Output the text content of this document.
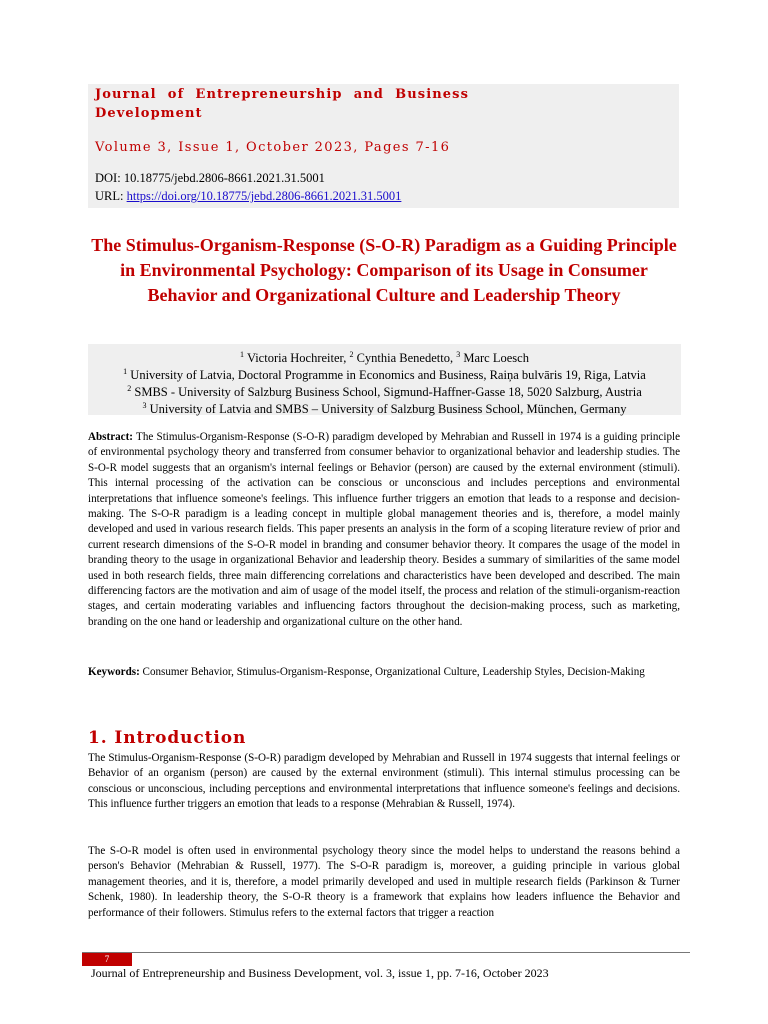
Journal of Entrepreneurship and Business Development
Volume 3, Issue 1, October 2023, Pages 7-16
DOI: 10.18775/jebd.2806-8661.2021.31.5001
URL: https://doi.org/10.18775/jebd.2806-8661.2021.31.5001
The Stimulus-Organism-Response (S-O-R) Paradigm as a Guiding Principle in Environmental Psychology: Comparison of its Usage in Consumer Behavior and Organizational Culture and Leadership Theory
$^1$ Victoria Hochreiter, $^2$ Cynthia Benedetto, $^3$ Marc Loesch
$^1$ University of Latvia, Doctoral Programme in Economics and Business, Raiņa bulvāris 19, Riga, Latvia
$^2$ SMBS - University of Salzburg Business School, Sigmund-Haffner-Gasse 18, 5020 Salzburg, Austria
$^3$ University of Latvia and SMBS – University of Salzburg Business School, München, Germany
Abstract: The Stimulus-Organism-Response (S-O-R) paradigm developed by Mehrabian and Russell in 1974 is a guiding principle of environmental psychology theory and transferred from consumer behavior to organizational behavior and leadership studies. The S-O-R model suggests that an organism's internal feelings or Behavior (person) are caused by the external environment (stimuli). This internal processing of the activation can be conscious or unconscious and includes perceptions and environmental interpretations that influence someone's feelings. This influence further triggers an emotion that leads to a response and decision-making. The S-O-R paradigm is a leading concept in multiple global management theories and is, therefore, a model mainly developed and used in various research fields. This paper presents an analysis in the form of a scoping literature review of prior and current research dimensions of the S-O-R model in branding and consumer behavior theory. It compares the usage of the model in branding theory to the usage in organizational Behavior and leadership theory. Besides a summary of similarities of the same model used in both research fields, three main differencing correlations and characteristics have been developed and described. The main differencing factors are the motivation and aim of usage of the model itself, the process and relation of the stimuli-organism-reaction stages, and certain moderating variables and influencing factors throughout the decision-making process, such as marketing, branding on the one hand or leadership and organizational culture on the other hand.
Keywords: Consumer Behavior, Stimulus-Organism-Response, Organizational Culture, Leadership Styles, Decision-Making
1. Introduction
The Stimulus-Organism-Response (S-O-R) paradigm developed by Mehrabian and Russell in 1974 suggests that internal feelings or Behavior of an organism (person) are caused by the external environment (stimuli). This internal stimulus processing can be conscious or unconscious, including perceptions and environmental interpretations that influence someone's feelings and decisions. This influence further triggers an emotion that leads to a response (Mehrabian & Russell, 1974).
The S-O-R model is often used in environmental psychology theory since the model helps to understand the reasons behind a person's Behavior (Mehrabian & Russell, 1977). The S-O-R paradigm is, moreover, a guiding principle in various global management theories, and it is, therefore, a model primarily developed and used in multiple research fields (Parkinson & Turner Schenk, 1980). In leadership theory, the S-O-R theory is a framework that explains how leaders influence the Behavior and performance of their followers. Stimulus refers to the external factors that trigger a reaction
7
Journal of Entrepreneurship and Business Development, vol. 3, issue 1, pp. 7-16, October 2023
